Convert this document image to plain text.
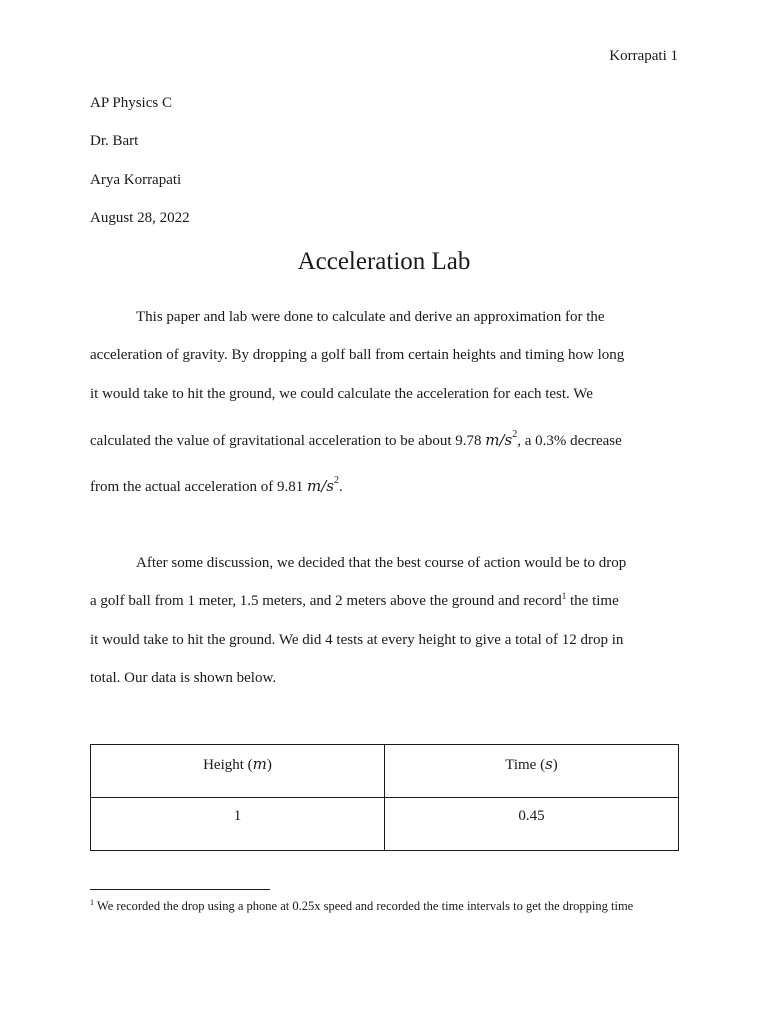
Korrapati 1
AP Physics C
Dr. Bart
Arya Korrapati
August 28, 2022
Acceleration Lab
This paper and lab were done to calculate and derive an approximation for the
acceleration of gravity. By dropping a golf ball from certain heights and timing how long
it would take to hit the ground, we could calculate the acceleration for each test. We
calculated the value of gravitational acceleration to be about 9.78 $m/s^2$, a 0.3% decrease
from the actual acceleration of 9.81 $m/s^2$.
After some discussion, we decided that the best course of action would be to drop
a golf ball from 1 meter, 1.5 meters, and 2 meters above the ground and record$^1$ the time
it would take to hit the ground. We did 4 tests at every height to give a total of 12 drop in
total. Our data is shown below.
Height (m)	Time (s)
1	0.45
$^1$ We recorded the drop using a phone at 0.25x speed and recorded the time intervals to get the dropping time
